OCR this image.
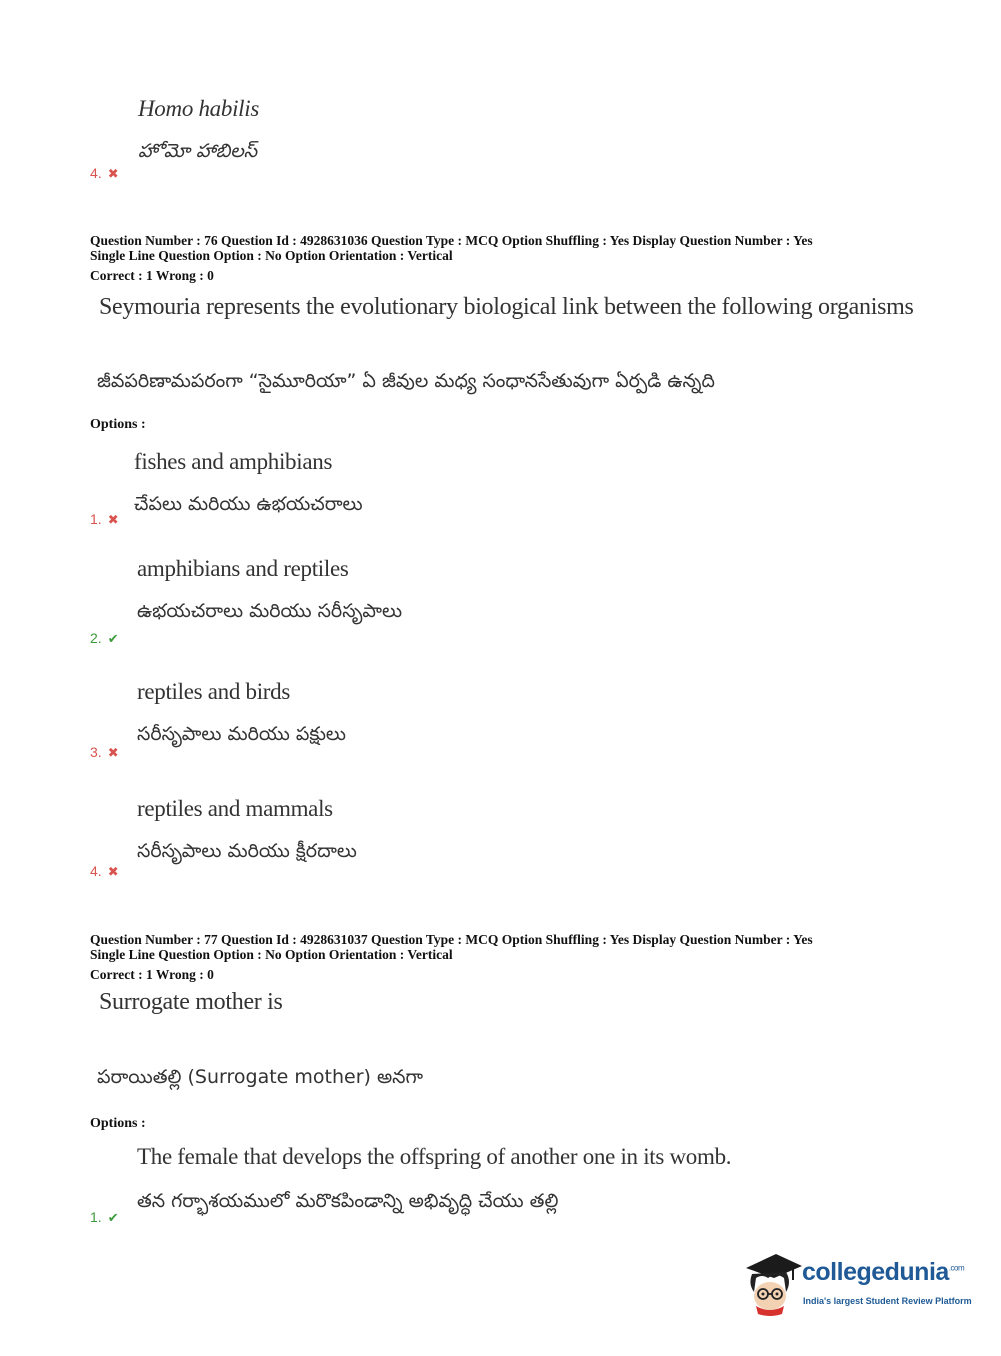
Homo habilis
హోమో హాబిలస్
4. ✖
Question Number : 76 Question Id : 4928631036 Question Type : MCQ Option Shuffling : Yes Display Question Number : Yes
Single Line Question Option : No Option Orientation : Vertical
Correct : 1 Wrong : 0
Seymouria represents the evolutionary biological link between the following organisms
జీవపరిణామపరంగా “సైమూరియా” ఏ జీవుల మధ్య సంధానసేతువుగా ఏర్పడి ఉన్నది
Options :
fishes and amphibians
చేపలు మరియు ఉభయచరాలు
1. ✖
amphibians and reptiles
ఉభయచరాలు మరియు సరీసృపాలు
2. ✔
reptiles and birds
సరీసృపాలు మరియు పక్షులు
3. ✖
reptiles and mammals
సరీసృపాలు మరియు క్షీరదాలు
4. ✖
Question Number : 77 Question Id : 4928631037 Question Type : MCQ Option Shuffling : Yes Display Question Number : Yes
Single Line Question Option : No Option Orientation : Vertical
Correct : 1 Wrong : 0
Surrogate mother is
పరాయితల్లి (Surrogate mother) అనగా
Options :
The female that develops the offspring of another one in its womb.
తన గర్భాశయములో మరొకపిండాన్ని అభివృద్ధి చేయు తల్లి
1. ✔
collegedunia$^{.com}$
India's largest Student Review Platform
